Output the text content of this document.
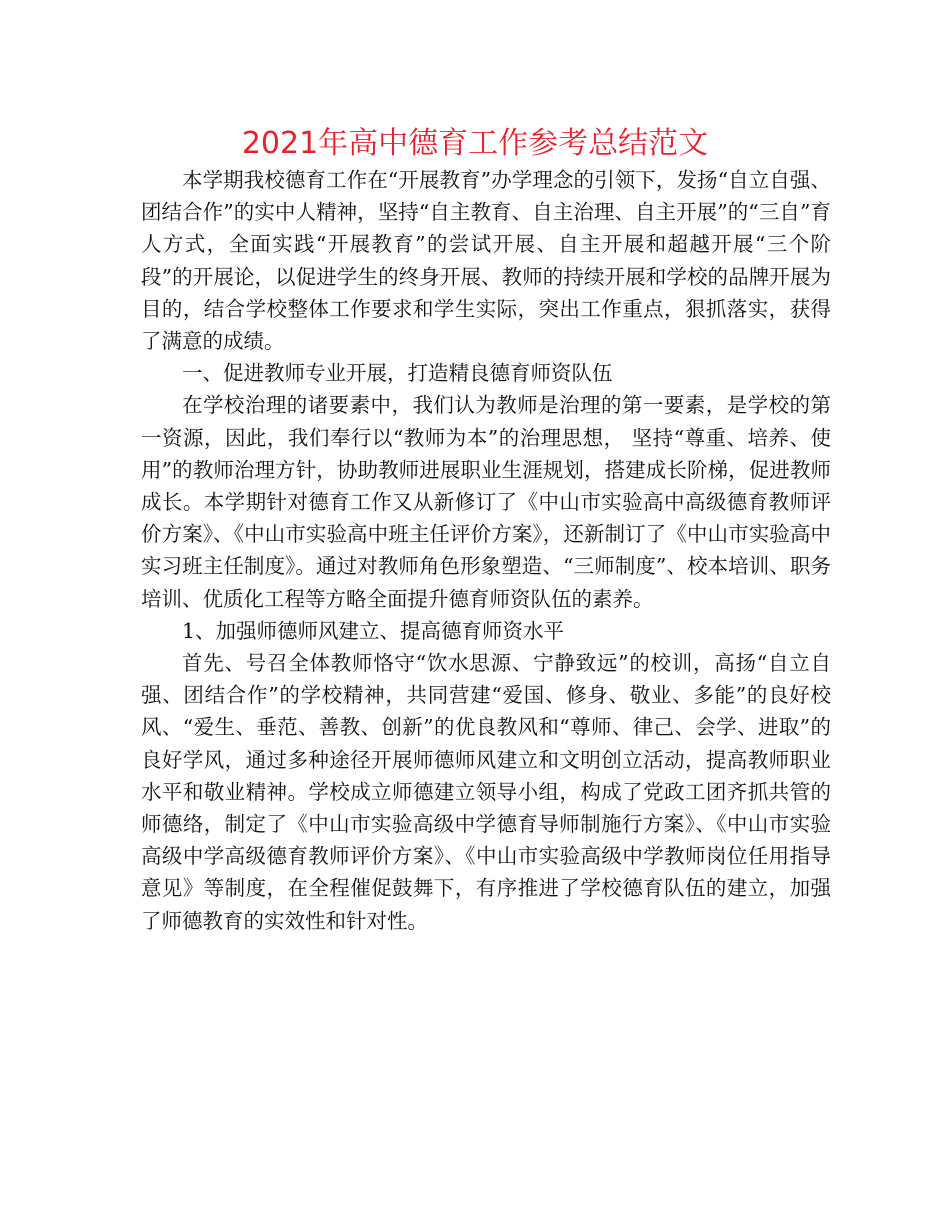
2021年高中德育工作参考总结范文

本学期我校德育工作在“开展教育”办学理念的引领下，发扬“自立自强、团结合作”的实中人精神，坚持“自主教育、自主治理、自主开展”的“三自”育人方式，全面实践“开展教育”的尝试开展、自主开展和超越开展“三个阶段”的开展论，以促进学生的终身开展、教师的持续开展和学校的品牌开展为目的，结合学校整体工作要求和学生实际，突出工作重点，狠抓落实，获得了满意的成绩。

一、促进教师专业开展，打造精良德育师资队伍

在学校治理的诸要素中，我们认为教师是治理的第一要素，是学校的第一资源，因此，我们奉行以“教师为本”的治理思想， 坚持“尊重、培养、使用”的教师治理方针，协助教师进展职业生涯规划，搭建成长阶梯，促进教师成长。本学期针对德育工作又从新修订了《中山市实验高中高级德育教师评价方案》、《中山市实验高中班主任评价方案》，还新制订了《中山市实验高中实习班主任制度》。通过对教师角色形象塑造、“三师制度”、校本培训、职务培训、优质化工程等方略全面提升德育师资队伍的素养。

1、加强师德师风建立、提高德育师资水平

首先、号召全体教师恪守“饮水思源、宁静致远”的校训，高扬“自立自强、团结合作”的学校精神，共同营建“爱国、修身、敬业、多能”的良好校风、“爱生、垂范、善教、创新”的优良教风和“尊师、律己、会学、进取”的良好学风，通过多种途径开展师德师风建立和文明创立活动，提高教师职业水平和敬业精神。学校成立师德建立领导小组，构成了党政工团齐抓共管的师德络，制定了《中山市实验高级中学德育导师制施行方案》、《中山市实验高级中学高级德育教师评价方案》、《中山市实验高级中学教师岗位任用指导意见》等制度，在全程催促鼓舞下，有序推进了学校德育队伍的建立，加强了师德教育的实效性和针对性。
